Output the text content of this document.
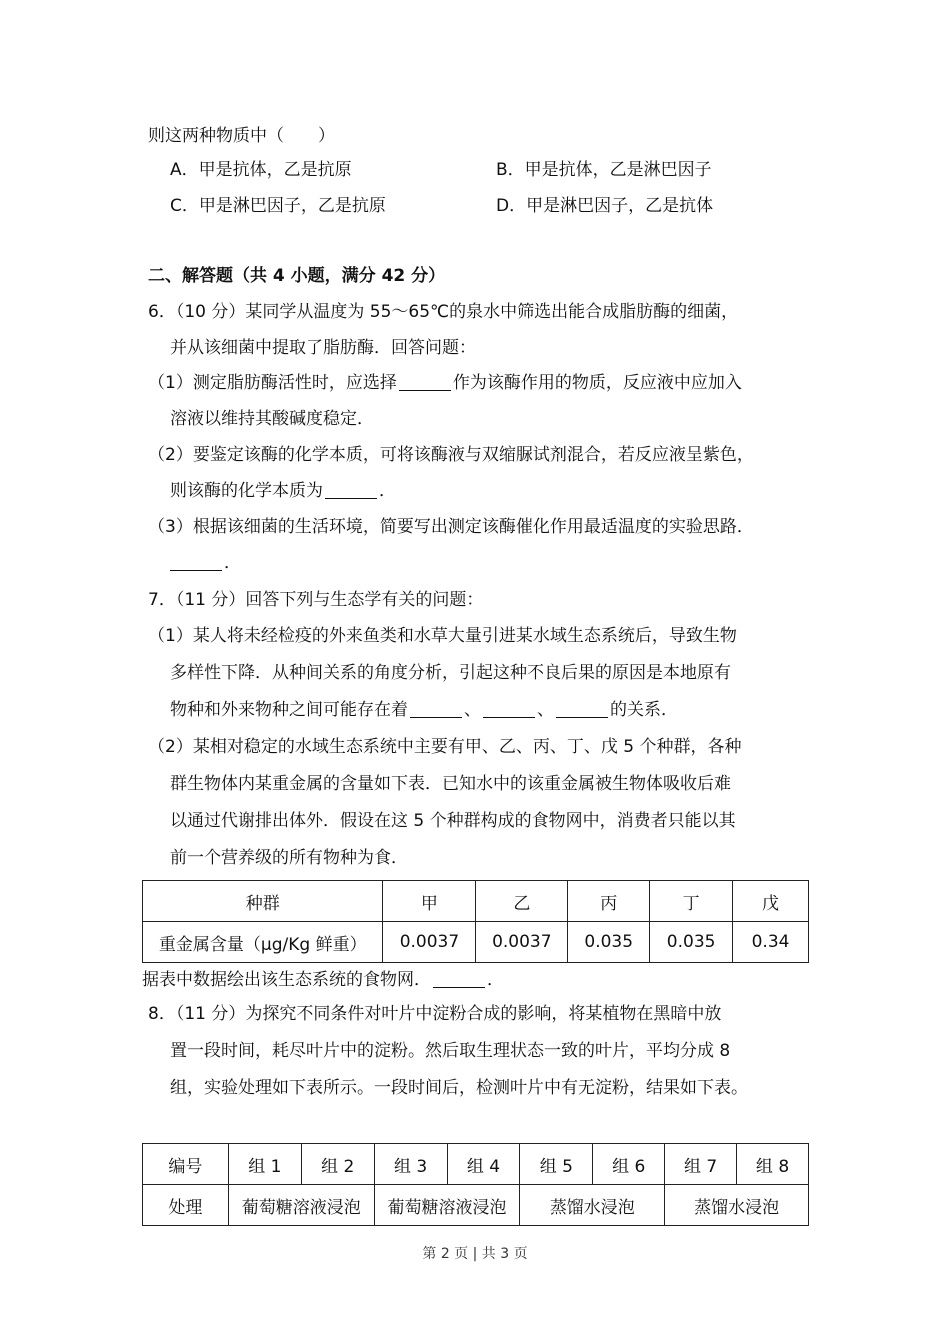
则这两种物质中（　　）
A．甲是抗体，乙是抗原	B．甲是抗体，乙是淋巴因子
C．甲是淋巴因子，乙是抗原	D．甲是淋巴因子，乙是抗体
二、解答题（共 4 小题，满分 42 分）
6．（10 分）某同学从温度为 55～65℃的泉水中筛选出能合成脂肪酶的细菌，
并从该细菌中提取了脂肪酶．回答问题：
（1）测定脂肪酶活性时，应选择	作为该酶作用的物质，反应液中应加入
溶液以维持其酸碱度稳定．
（2）要鉴定该酶的化学本质，可将该酶液与双缩脲试剂混合，若反应液呈紫色，
则该酶的化学本质为	．
（3）根据该细菌的生活环境，简要写出测定该酶催化作用最适温度的实验思路．
．
7．（11 分）回答下列与生态学有关的问题：
（1）某人将未经检疫的外来鱼类和水草大量引进某水域生态系统后，导致生物
多样性下降．从种间关系的角度分析，引起这种不良后果的原因是本地原有
物种和外来物种之间可能存在着	、	、	的关系．
（2）某相对稳定的水域生态系统中主要有甲、乙、丙、丁、戊 5 个种群，各种
群生物体内某重金属的含量如下表．已知水中的该重金属被生物体吸收后难
以通过代谢排出体外．假设在这 5 个种群构成的食物网中，消费者只能以其
前一个营养级的所有物种为食．
种群	甲	乙	丙	丁	戊
重金属含量（μg/Kg 鲜重）	0.0037	0.0037	0.035	0.035	0.34
据表中数据绘出该生态系统的食物网．	．
8．（11 分）为探究不同条件对叶片中淀粉合成的影响，将某植物在黑暗中放
置一段时间，耗尽叶片中的淀粉。然后取生理状态一致的叶片，平均分成 8
组，实验处理如下表所示。一段时间后，检测叶片中有无淀粉，结果如下表。
编号	组 1	组 2	组 3	组 4	组 5	组 6	组 7	组 8
处理	葡萄糖溶液浸泡		葡萄糖溶液浸泡		蒸馏水浸泡		蒸馏水浸泡	
第 2 页 | 共 3 页
